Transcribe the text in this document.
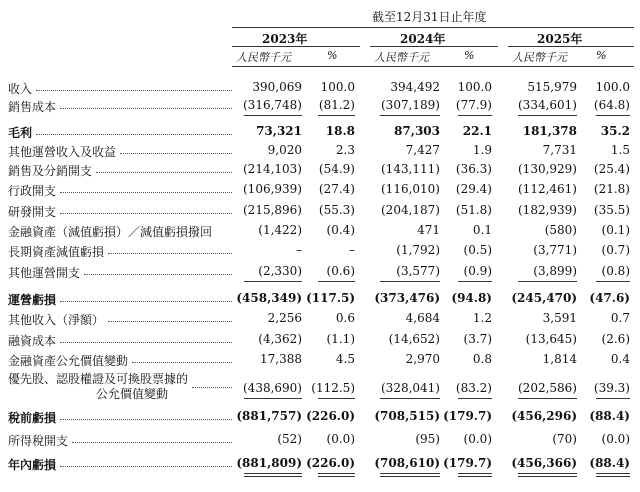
截至12月31日止年度
2023年	2024年	2025年
人民幣千元	%	人民幣千元	%	人民幣千元	%
收入	390,069 100.0	394,492 100.0	515,979 100.0
銷售成本	(316,748) (81.2) (307,189) (77.9) (334,601) (64.8)
毛利	73,321 18.8	87,303 22.1	181,378 35.2
其他運營收入及收益	9,020	2.3	7,427	1.9	7,731	1.5
銷售及分銷開支	(214,103) (54.9) (143,111) (36.3) (130,929) (25.4)
行政開支	(106,939) (27.4) (116,010) (29.4) (112,461) (21.8)
研發開支	(215,896) (55.3) (204,187) (51.8) (182,939) (35.5)
金融資產（減值虧損）／減值虧損撥回	(1,422) (0.4)	471	0.1	(580) (0.1)
長期資產減值虧損	–	–	(1,792) (0.5)	(3,771) (0.7)
其他運營開支	(2,330) (0.6)	(3,577) (0.9)	(3,899) (0.8)
運營虧損	(458,349) (117.5) (373,476) (94.8) (245,470) (47.6)
其他收入（淨額）	2,256	0.6	4,684	1.2	3,591	0.7
融資成本	(4,362) (1.1)	(14,652) (3.7)	(13,645) (2.6)
金融資產公允價值變動	17,388	4.5	2,970	0.8	1,814	0.4
優先股、認股權證及可換股票據的
公允價值變動	(438,690) (112.5) (328,041) (83.2) (202,586) (39.3)
稅前虧損	(881,757) (226.0) (708,515) (179.7) (456,296) (88.4)
所得稅開支	(52) (0.0)	(95) (0.0)	(70) (0.0)
年內虧損	(881,809) (226.0) (708,610) (179.7) (456,366) (88.4)
